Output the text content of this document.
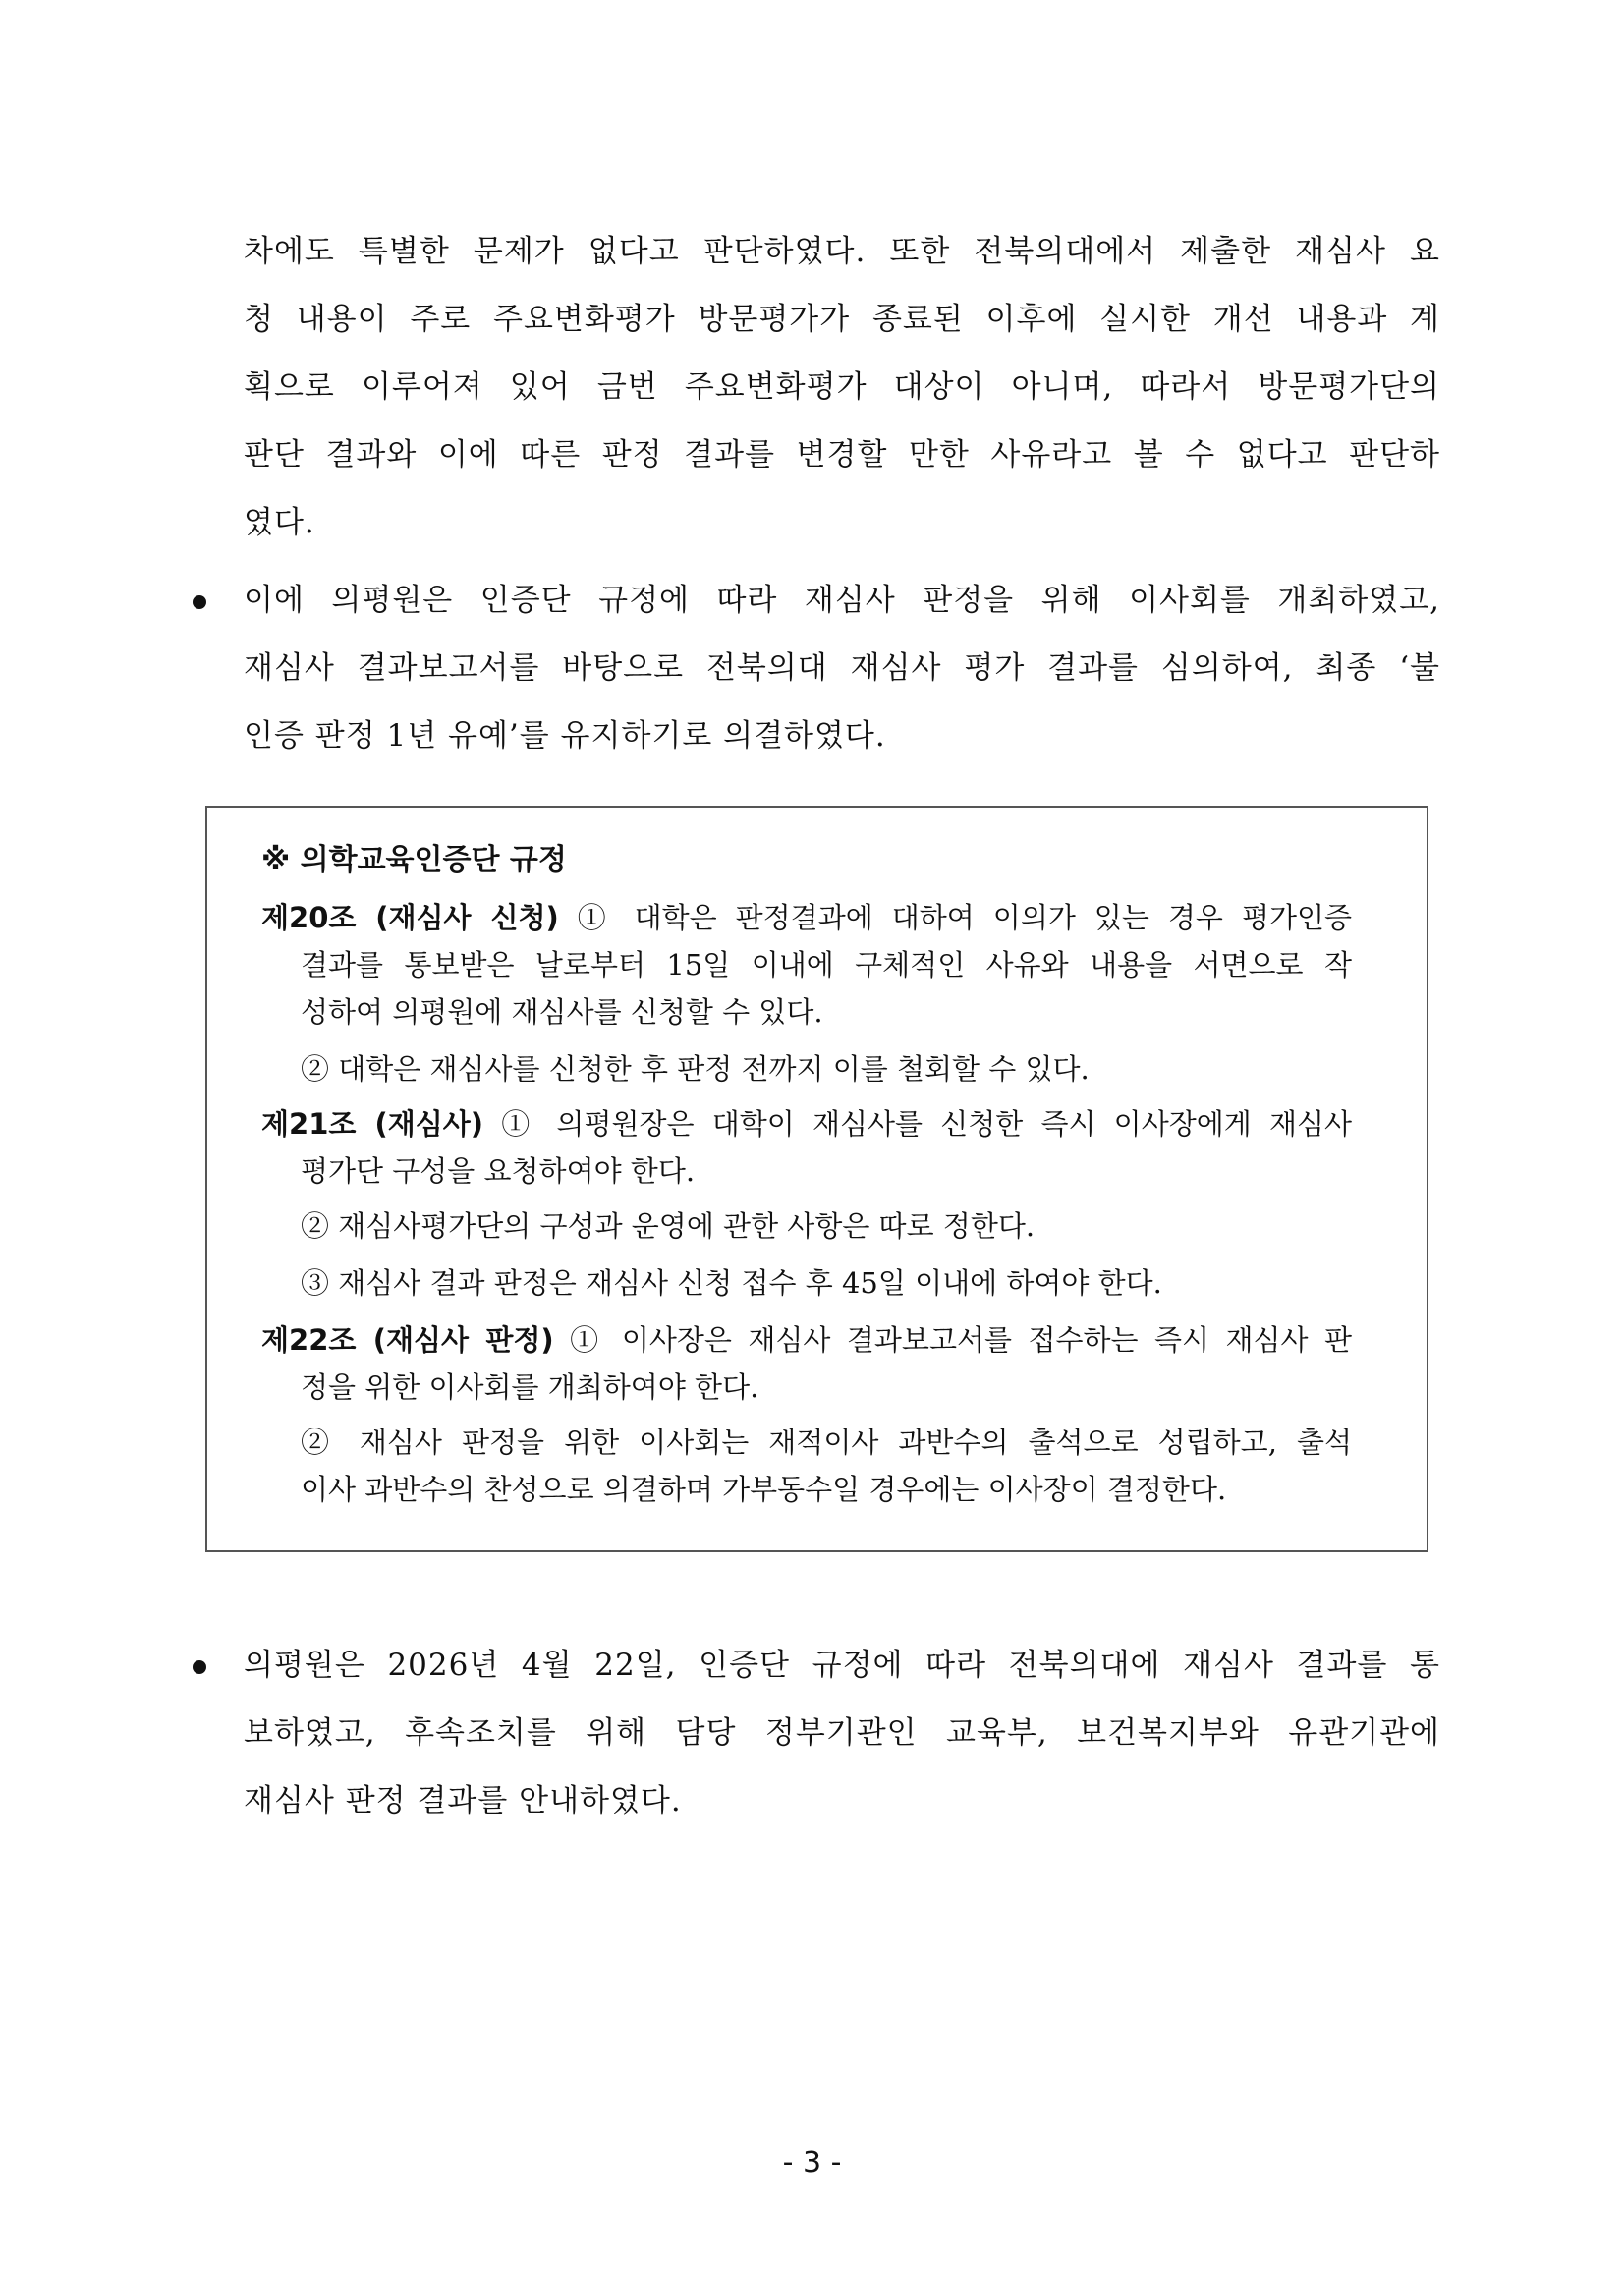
차에도 특별한 문제가 없다고 판단하였다. 또한 전북의대에서 제출한 재심사 요
청 내용이 주로 주요변화평가 방문평가가 종료된 이후에 실시한 개선 내용과 계
획으로 이루어져 있어 금번 주요변화평가 대상이 아니며, 따라서 방문평가단의
판단 결과와 이에 따른 판정 결과를 변경할 만한 사유라고 볼 수 없다고 판단하
였다.
이에 의평원은 인증단 규정에 따라 재심사 판정을 위해 이사회를 개최하였고,
재심사 결과보고서를 바탕으로 전북의대 재심사 평가 결과를 심의하여, 최종 ‘불
인증 판정 1년 유예’를 유지하기로 의결하였다.
※ 의학교육인증단 규정
제20조 (재심사 신청) ① 대학은 판정결과에 대하여 이의가 있는 경우 평가인증
결과를 통보받은 날로부터 15일 이내에 구체적인 사유와 내용을 서면으로 작
성하여 의평원에 재심사를 신청할 수 있다.
② 대학은 재심사를 신청한 후 판정 전까지 이를 철회할 수 있다.
제21조 (재심사) ① 의평원장은 대학이 재심사를 신청한 즉시 이사장에게 재심사
평가단 구성을 요청하여야 한다.
② 재심사평가단의 구성과 운영에 관한 사항은 따로 정한다.
③ 재심사 결과 판정은 재심사 신청 접수 후 45일 이내에 하여야 한다.
제22조 (재심사 판정) ① 이사장은 재심사 결과보고서를 접수하는 즉시 재심사 판
정을 위한 이사회를 개최하여야 한다.
② 재심사 판정을 위한 이사회는 재적이사 과반수의 출석으로 성립하고, 출석
이사 과반수의 찬성으로 의결하며 가부동수일 경우에는 이사장이 결정한다.
의평원은 2026년 4월 22일, 인증단 규정에 따라 전북의대에 재심사 결과를 통
보하였고, 후속조치를 위해 담당 정부기관인 교육부, 보건복지부와 유관기관에
재심사 판정 결과를 안내하였다.
- 3 -
